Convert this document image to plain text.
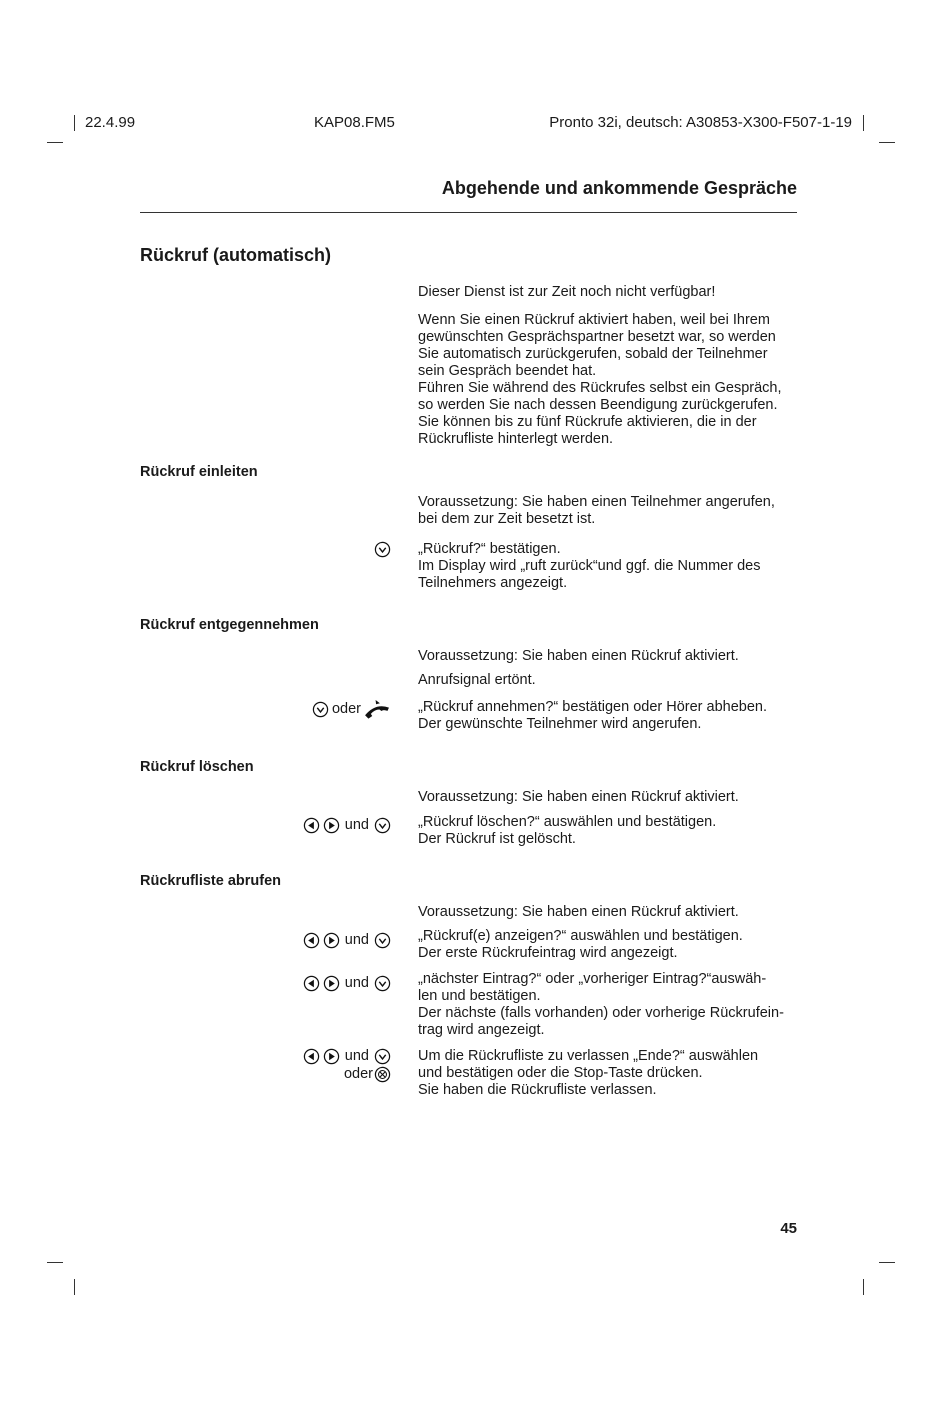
22.4.99	KAP08.FM5	Pronto 32i, deutsch: A30853-X300-F507-1-19
Abgehende und ankommende Gespräche
Rückruf (automatisch)
Dieser Dienst ist zur Zeit noch nicht verfügbar!
Wenn Sie einen Rückruf aktiviert haben, weil bei Ihrem
gewünschten Gesprächspartner besetzt war, so werden
Sie automatisch zurückgerufen, sobald der Teilnehmer
sein Gespräch beendet hat.
Führen Sie während des Rückrufes selbst ein Gespräch,
so werden Sie nach dessen Beendigung zurückgerufen.
Sie können bis zu fünf Rückrufe aktivieren, die in der
Rückrufliste hinterlegt werden.
Rückruf einleiten
Voraussetzung: Sie haben einen Teilnehmer angerufen,
bei dem zur Zeit besetzt ist.
„Rückruf?“ bestätigen.
Im Display wird „ruft zurück“und ggf. die Nummer des
Teilnehmers angezeigt.
Rückruf entgegennehmen
Voraussetzung: Sie haben einen Rückruf aktiviert.
Anrufsignal ertönt.
oder	„Rückruf annehmen?“ bestätigen oder Hörer abheben.
Der gewünschte Teilnehmer wird angerufen.
Rückruf löschen
Voraussetzung: Sie haben einen Rückruf aktiviert.
und	„Rückruf löschen?“ auswählen und bestätigen.
Der Rückruf ist gelöscht.
Rückrufliste abrufen
Voraussetzung: Sie haben einen Rückruf aktiviert.
und	„Rückruf(e) anzeigen?“ auswählen und bestätigen.
Der erste Rückrufeintrag wird angezeigt.
und	„nächster Eintrag?“ oder „vorheriger Eintrag?“auswäh-
len und bestätigen.
Der nächste (falls vorhanden) oder vorherige Rückrufein-
trag wird angezeigt.
und
oder
Um die Rückrufliste zu verlassen „Ende?“ auswählen
und bestätigen oder die Stop-Taste drücken.
Sie haben die Rückrufliste verlassen.
45
